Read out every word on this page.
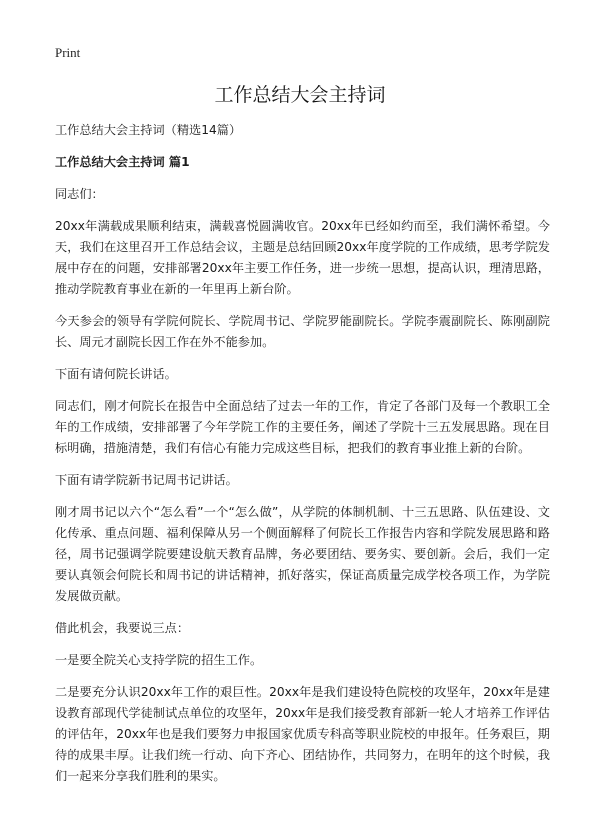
Print
工作总结大会主持词

工作总结大会主持词（精选14篇）

工作总结大会主持词 篇1

同志们：

20xx年满载成果顺利结束，满载喜悦圆满收官。20xx年已经如约而至，我们满怀希望。今天，我们在这里召开工作总结会议，主题是总结回顾20xx年度学院的工作成绩，思考学院发展中存在的问题，安排部署20xx年主要工作任务，进一步统一思想，提高认识，理清思路，推动学院教育事业在新的一年里再上新台阶。

今天参会的领导有学院何院长、学院周书记、学院罗能副院长。学院李震副院长、陈刚副院长、周元才副院长因工作在外不能参加。

下面有请何院长讲话。

同志们，刚才何院长在报告中全面总结了过去一年的工作，肯定了各部门及每一个教职工全年的工作成绩，安排部署了今年学院工作的主要任务，阐述了学院十三五发展思路。现在目标明确，措施清楚，我们有信心有能力完成这些目标，把我们的教育事业推上新的台阶。

下面有请学院新书记周书记讲话。

刚才周书记以六个“怎么看”一个“怎么做”，从学院的体制机制、十三五思路、队伍建设、文化传承、重点问题、福利保障从另一个侧面解释了何院长工作报告内容和学院发展思路和路径，周书记强调学院要建设航天教育品牌，务必要团结、要务实、要创新。会后，我们一定要认真领会何院长和周书记的讲话精神，抓好落实，保证高质量完成学校各项工作，为学院发展做贡献。

借此机会，我要说三点：

一是要全院关心支持学院的招生工作。

二是要充分认识20xx年工作的艰巨性。20xx年是我们建设特色院校的攻坚年，20xx年是建设教育部现代学徒制试点单位的攻坚年，20xx年是我们接受教育部新一轮人才培养工作评估的评估年，20xx年也是我们要努力申报国家优质专科高等职业院校的申报年。任务艰巨，期待的成果丰厚。让我们统一行动、向下齐心、团结协作，共同努力，在明年的这个时候，我们一起来分享我们胜利的果实。
